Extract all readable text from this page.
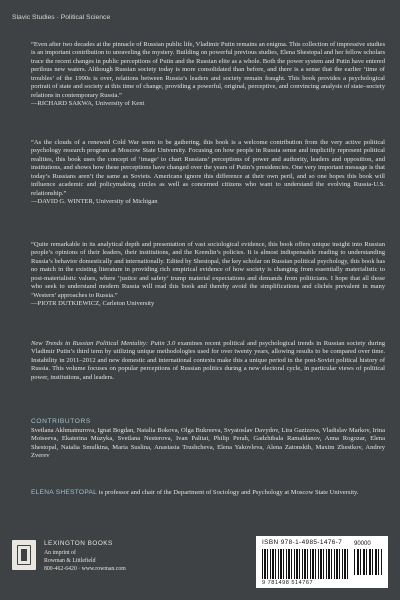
Slavic Studies · Political Science

“Even after two decades at the pinnacle of Russian public life, Vladimir Putin remains an enigma. This collection of impressive studies is an important contribution to unraveling the mystery. Building on powerful previous studies, Elena Shestopal and her fellow scholars trace the recent changes in public perceptions of Putin and the Russian elite as a whole. Both the power system and Putin have entered perilous new waters. Although Russian society today is more consolidated than before, and there is a sense that the earlier ‘time of troubles’ of the 1990s is over, relations between Russia’s leaders and society remain fraught. This book provides a psychological portrait of state and society at this time of change, providing a powerful, original, perceptive, and convincing analysis of state–society relations in contemporary Russia.”

—RICHARD SAKWA, University of Kent

“As the clouds of a renewed Cold War seem to be gathering, this book is a welcome contribution from the very active political psychology research program at Moscow State University. Focusing on how people in Russia sense and implicitly represent political realities, this book uses the concept of ‘image’ to chart Russians’ perceptions of power and authority, leaders and opposition, and institutions, and shows how these perceptions have changed over the years of Putin’s presidencies. One very important message is that today’s Russians aren’t the same as Soviets. Americans ignore this difference at their own peril, and so one hopes this book will influence academic and policymaking circles as well as concerned citizens who want to understand the evolving Russia-U.S. relationship.”

—DAVID G. WINTER, University of Michigan

“Quite remarkable in its analytical depth and presentation of vast sociological evidence, this book offers unique insight into Russian people’s opinions of their leaders, their institutions, and the Kremlin’s policies. It is almost indispensable reading to understanding Russia’s behavior domestically and internationally. Edited by Shestopal, the key scholar on Russian political psychology, this book has no match in the existing literature in providing rich empirical evidence of how society is changing from essentially materialistic to post-materialistic values, where ‘justice and safety’ trump material expectations and demands from politicians. I hope that all those who seek to understand modern Russia will read this book and thereby avoid the simplifications and clichés prevalent in many ‘Western’ approaches to Russia.”

—PIOTR DUTKIEWICZ, Carleton University

New Trends in Russian Political Mentality: Putin 3.0 examines recent political and psychological trends in Russian society during Vladimir Putin’s third term by utilizing unique methodologies used for over twenty years, allowing results to be compared over time. Instability in 2011–2012 and new domestic and international contexts make this a unique period in the post-Soviet political history of Russia. This volume focuses on popular perceptions of Russian politics during a new electoral cycle, in particular views of political power, institutions, and leaders.

CONTRIBUTORS

Svetlana Akhmatnurova, Ignat Bogdan, Natalia Bokova, Olga Bukreeva, Svyatoslav Davydov, Lira Gazizova, Vladislav Markov, Irina Moiseeva, Ekaterina Muzyka, Svetlana Nesterova, Ivan Palitai, Philip Perah, Gadzhibala Ramaldanov, Anna Rogozar, Elena Shestopal, Natalia Smulkina, Maria Suslina, Anastasia Trushcheva, Elena Yakovleva, Alena Zatonskih, Maxim Zhestkov, Andrey Zverev

ELENA SHESTOPAL is professor and chair of the Department of Sociology and Psychology at Moscow State University.

LEXINGTON BOOKS
An imprint of
Rowman & Littlefield
800-462-6420 · www.rowman.com
ISBN 978-1-4985-1476-7 90000
9 781498 514767
